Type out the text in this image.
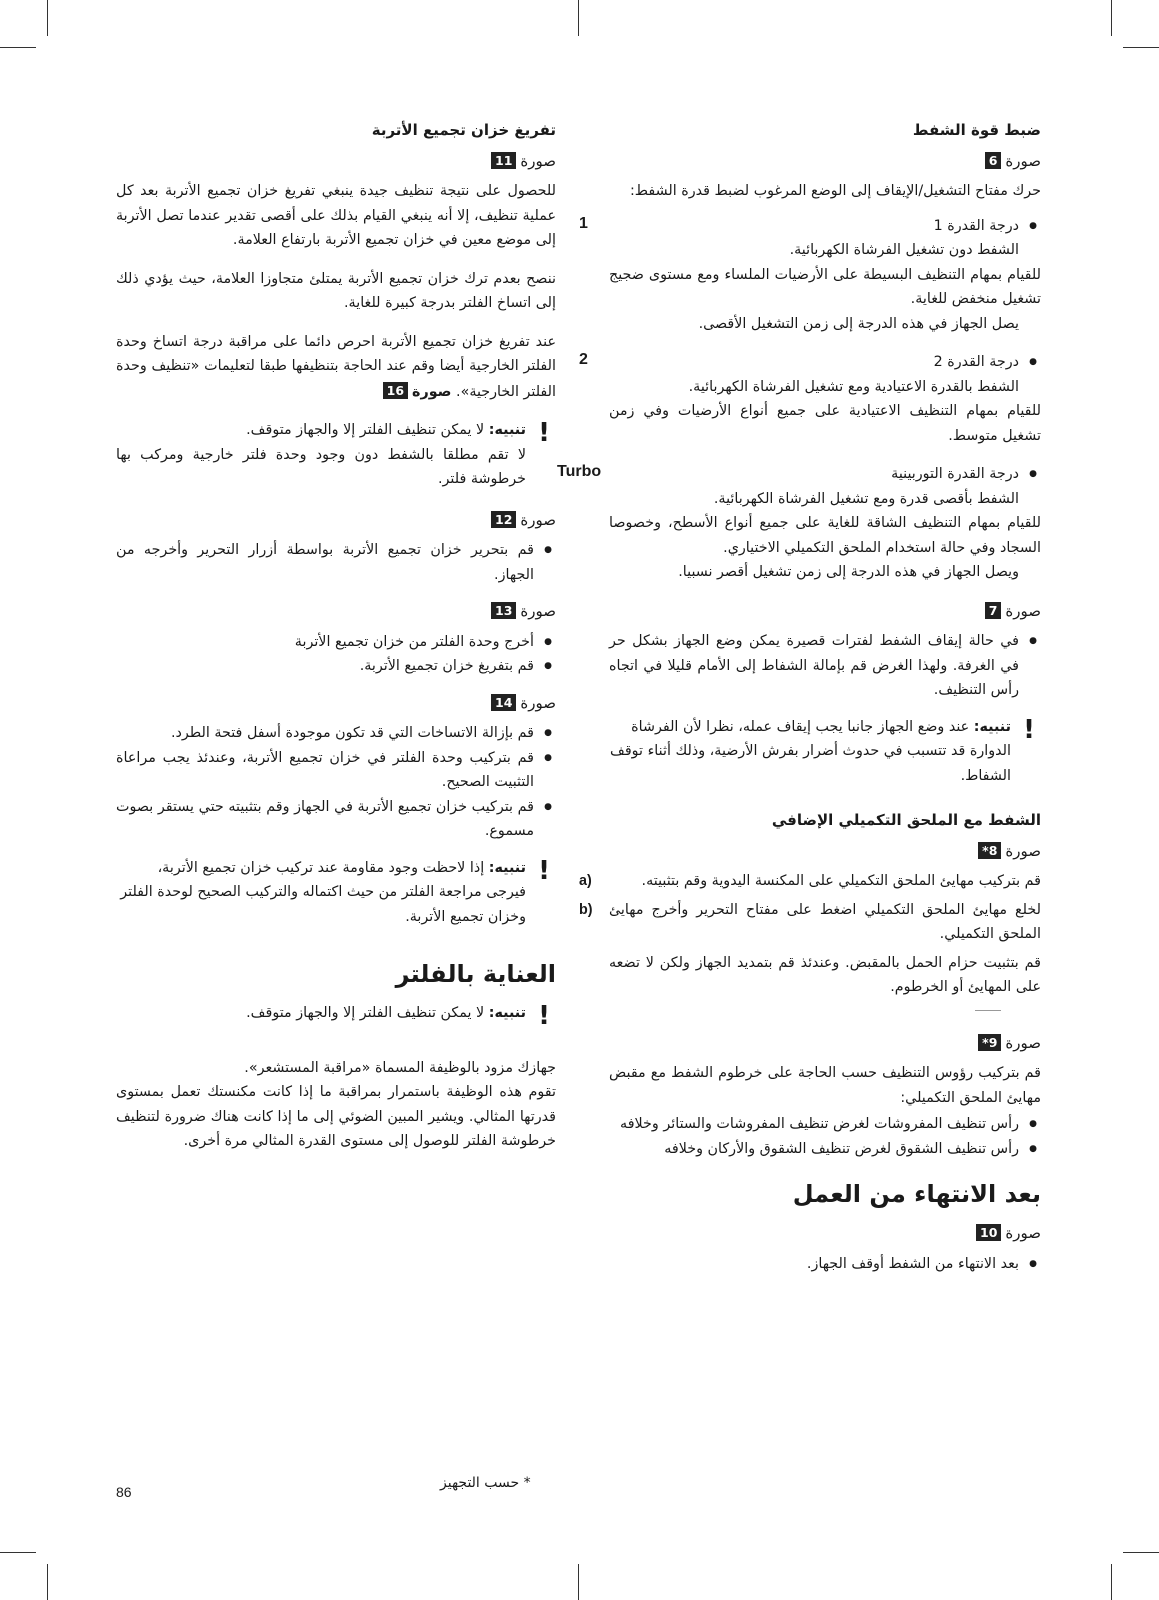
ضبط قوة الشفط
صورة6

حرك مفتاح التشغيل/الإيقاف إلى الوضع المرغوب لضبط قدرة الشفط:

●
1	درجة القدرة 1
الشفط دون تشغيل الفرشاة الكهربائية.
للقيام بمهام التنظيف البسيطة على الأرضيات الملساء ومع مستوى ضجيج تشغيل منخفض للغاية.
يصل الجهاز في هذه الدرجة إلى زمن التشغيل الأقصى.
●
2	درجة القدرة 2
الشفط بالقدرة الاعتيادية ومع تشغيل الفرشاة الكهربائية.
للقيام بمهام التنظيف الاعتيادية على جميع أنواع الأرضيات وفي زمن تشغيل متوسط.
●
Turbo	درجة القدرة التوربينية
الشفط بأقصى قدرة ومع تشغيل الفرشاة الكهربائية.
للقيام بمهام التنظيف الشاقة للغاية على جميع أنواع الأسطح، وخصوصا السجاد وفي حالة استخدام الملحق التكميلي الاختياري.
ويصل الجهاز في هذه الدرجة إلى زمن تشغيل أقصر نسبيا.
صورة7
● في حالة إيقاف الشفط لفترات قصيرة يمكن وضع الجهاز بشكل حر في الغرفة. ولهذا الغرض قم بإمالة الشفاط إلى الأمام قليلا في اتجاه رأس التنظيف.
!
تنبيه: عند وضع الجهاز جانبا يجب إيقاف عمله، نظرا لأن الفرشاة الدوارة قد تتسبب في حدوث أضرار بفرش الأرضية، وذلك أثناء توقف الشفاط.
الشفط مع الملحق التكميلي الإضافي
صورة8*
a)	قم بتركيب مهايئ الملحق التكميلي على المكنسة اليدوية وقم بتثبيته.
b) لخلع مهايئ الملحق التكميلي اضغط على مفتاح التحرير وأخرج مهايئ الملحق التكميلي.
قم بتثبيت حزام الحمل بالمقبض. وعندئذ قم بتمديد الجهاز ولكن لا تضعه على المهايئ أو الخرطوم.
صورة9*

قم بتركيب رؤوس التنظيف حسب الحاجة على خرطوم الشفط مع مقبض مهايئ الملحق التكميلي:

● رأس تنظيف المفروشات لغرض تنظيف المفروشات والستائر وخلافه
● رأس تنظيف الشقوق لغرض تنظيف الشقوق والأركان وخلافه
بعد الانتهاء من العمل
صورة10
● بعد الانتهاء من الشفط أوقف الجهاز.
تفريغ خزان تجميع الأتربة
صورة11

للحصول على نتيجة تنظيف جيدة ينبغي تفريغ خزان تجميع الأتربة بعد كل عملية تنظيف، إلا أنه ينبغي القيام بذلك على أقصى تقدير عندما تصل الأتربة إلى موضع معين في خزان تجميع الأتربة بارتفاع العلامة.

ننصح بعدم ترك خزان تجميع الأتربة يمتلئ متجاوزا العلامة، حيث يؤدي ذلك إلى اتساخ الفلتر بدرجة كبيرة للغاية.

عند تفريغ خزان تجميع الأتربة احرص دائما على مراقبة درجة اتساخ وحدة الفلتر الخارجية أيضا وقم عند الحاجة بتنظيفها طبقا لتعليمات «تنظيف وحدة الفلتر الخارجية». صورة16

!
تنبيه: لا يمكن تنظيف الفلتر إلا والجهاز متوقف.
لا تقم مطلقا بالشفط دون وجود وحدة فلتر خارجية ومركب بها خرطوشة فلتر.
صورة12
● قم بتحرير خزان تجميع الأتربة بواسطة أزرار التحرير وأخرجه من الجهاز.
صورة13
● أخرج وحدة الفلتر من خزان تجميع الأتربة
● قم بتفريغ خزان تجميع الأتربة.
صورة14
● قم بإزالة الاتساخات التي قد تكون موجودة أسفل فتحة الطرد.
● قم بتركيب وحدة الفلتر في خزان تجميع الأتربة، وعندئذ يجب مراعاة التثبيت الصحيح.
● قم بتركيب خزان تجميع الأتربة في الجهاز وقم بتثبيته حتي يستقر بصوت مسموع.
!
تنبيه: إذا لاحظت وجود مقاومة عند تركيب خزان تجميع الأتربة، فيرجى مراجعة الفلتر من حيث اكتماله والتركيب الصحيح لوحدة الفلتر وخزان تجميع الأتربة.
العناية بالفلتر
!
تنبيه: لا يمكن تنظيف الفلتر إلا والجهاز متوقف.
جهازك مزود بالوظيفة المسماة «مراقبة المستشعر».

تقوم هذه الوظيفة باستمرار بمراقبة ما إذا كانت مكنستك تعمل بمستوى قدرتها المثالي. ويشير المبين الضوئي إلى ما إذا كانت هناك ضرورة لتنظيف خرطوشة الفلتر للوصول إلى مستوى القدرة المثالي مرة أخرى.

86
* حسب التجهيز
